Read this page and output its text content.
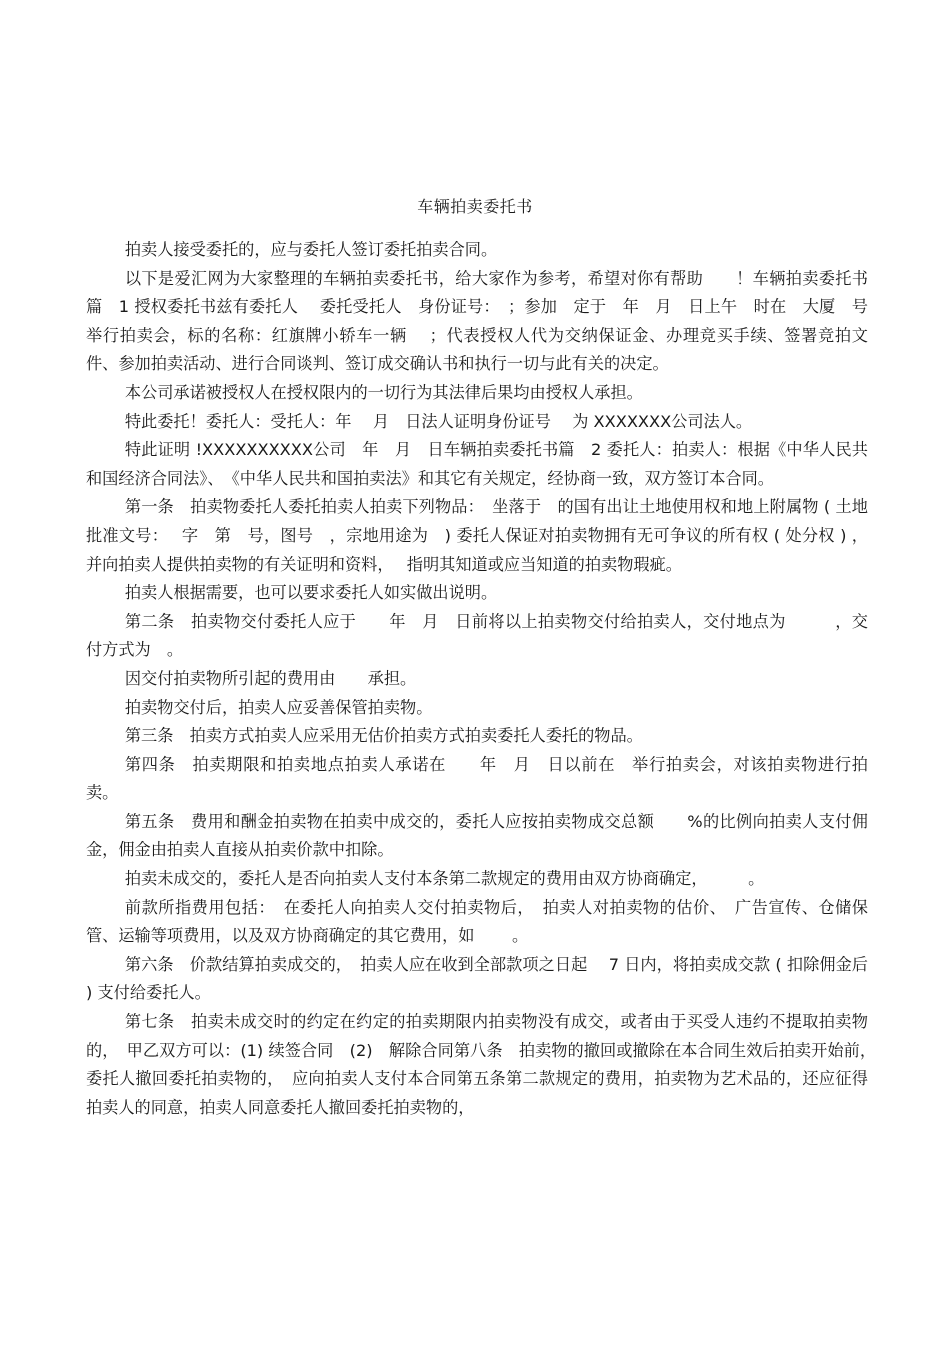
车辆拍卖委托书

拍卖人接受委托的，应与委托人签订委托拍卖合同。

以下是爱汇网为大家整理的车辆拍卖委托书，给大家作为参考，希望对你有帮助　　！车辆拍卖委托书篇　1 授权委托书兹有委托人　 委托受托人　身份证号：　；参加　定于　年　月　日上午　时在　大厦　号举行拍卖会，标的名称：红旗牌小轿车一辆　 ；代表授权人代为交纳保证金、办理竞买手续、签署竞拍文件、参加拍卖活动、进行合同谈判、签订成交确认书和执行一切与此有关的决定。

本公司承诺被授权人在授权限内的一切行为其法律后果均由授权人承担。

特此委托！委托人：受托人：年　 月　日法人证明身份证号　 为 XXXXXXX公司法人。

特此证明 !XXXXXXXXXX公司　年　月　日车辆拍卖委托书篇　2 委托人：拍卖人：根据《中华人民共和国经济合同法》、　《中华人民共和国拍卖法》和其它有关规定，经协商一致，双方签订本合同。

第一条　拍卖物委托人委托拍卖人拍卖下列物品：　坐落于　的国有出让土地使用权和地上附属物 ( 土地批准文号：　 字　第　号，图号　，宗地用途为　) 委托人保证对拍卖物拥有无可争议的所有权 ( 处分权 ) ，并向拍卖人提供拍卖物的有关证明和资料，　 指明其知道或应当知道的拍卖物瑕疵。

拍卖人根据需要，也可以要求委托人如实做出说明。

第二条　拍卖物交付委托人应于　　年　月　日前将以上拍卖物交付给拍卖人，交付地点为　　　，交付方式为　。

因交付拍卖物所引起的费用由　　承担。

拍卖物交付后，拍卖人应妥善保管拍卖物。

第三条　拍卖方式拍卖人应采用无估价拍卖方式拍卖委托人委托的物品。

第四条　拍卖期限和拍卖地点拍卖人承诺在　　年　月　日以前在　举行拍卖会，对该拍卖物进行拍卖。

第五条　费用和酬金拍卖物在拍卖中成交的，委托人应按拍卖物成交总额　　%的比例向拍卖人支付佣金，佣金由拍卖人直接从拍卖价款中扣除。

拍卖未成交的，委托人是否向拍卖人支付本条第二款规定的费用由双方协商确定，　　　。

前款所指费用包括：　在委托人向拍卖人交付拍卖物后，　拍卖人对拍卖物的估价、　广告宣传、仓储保管、运输等项费用，以及双方协商确定的其它费用，如　　 。

第六条　价款结算拍卖成交的，　拍卖人应在收到全部款项之日起　 7 日内，将拍卖成交款 ( 扣除佣金后 ) 支付给委托人。

第七条　拍卖未成交时的约定在约定的拍卖期限内拍卖物没有成交，或者由于买受人违约不提取拍卖物的，　甲乙双方可以：(1) 续签合同　(2)　解除合同第八条　拍卖物的撤回或撤除在本合同生效后拍卖开始前，　委托人撤回委托拍卖物的，　应向拍卖人支付本合同第五条第二款规定的费用，拍卖物为艺术品的，还应征得拍卖人的同意，拍卖人同意委托人撤回委托拍卖物的，
